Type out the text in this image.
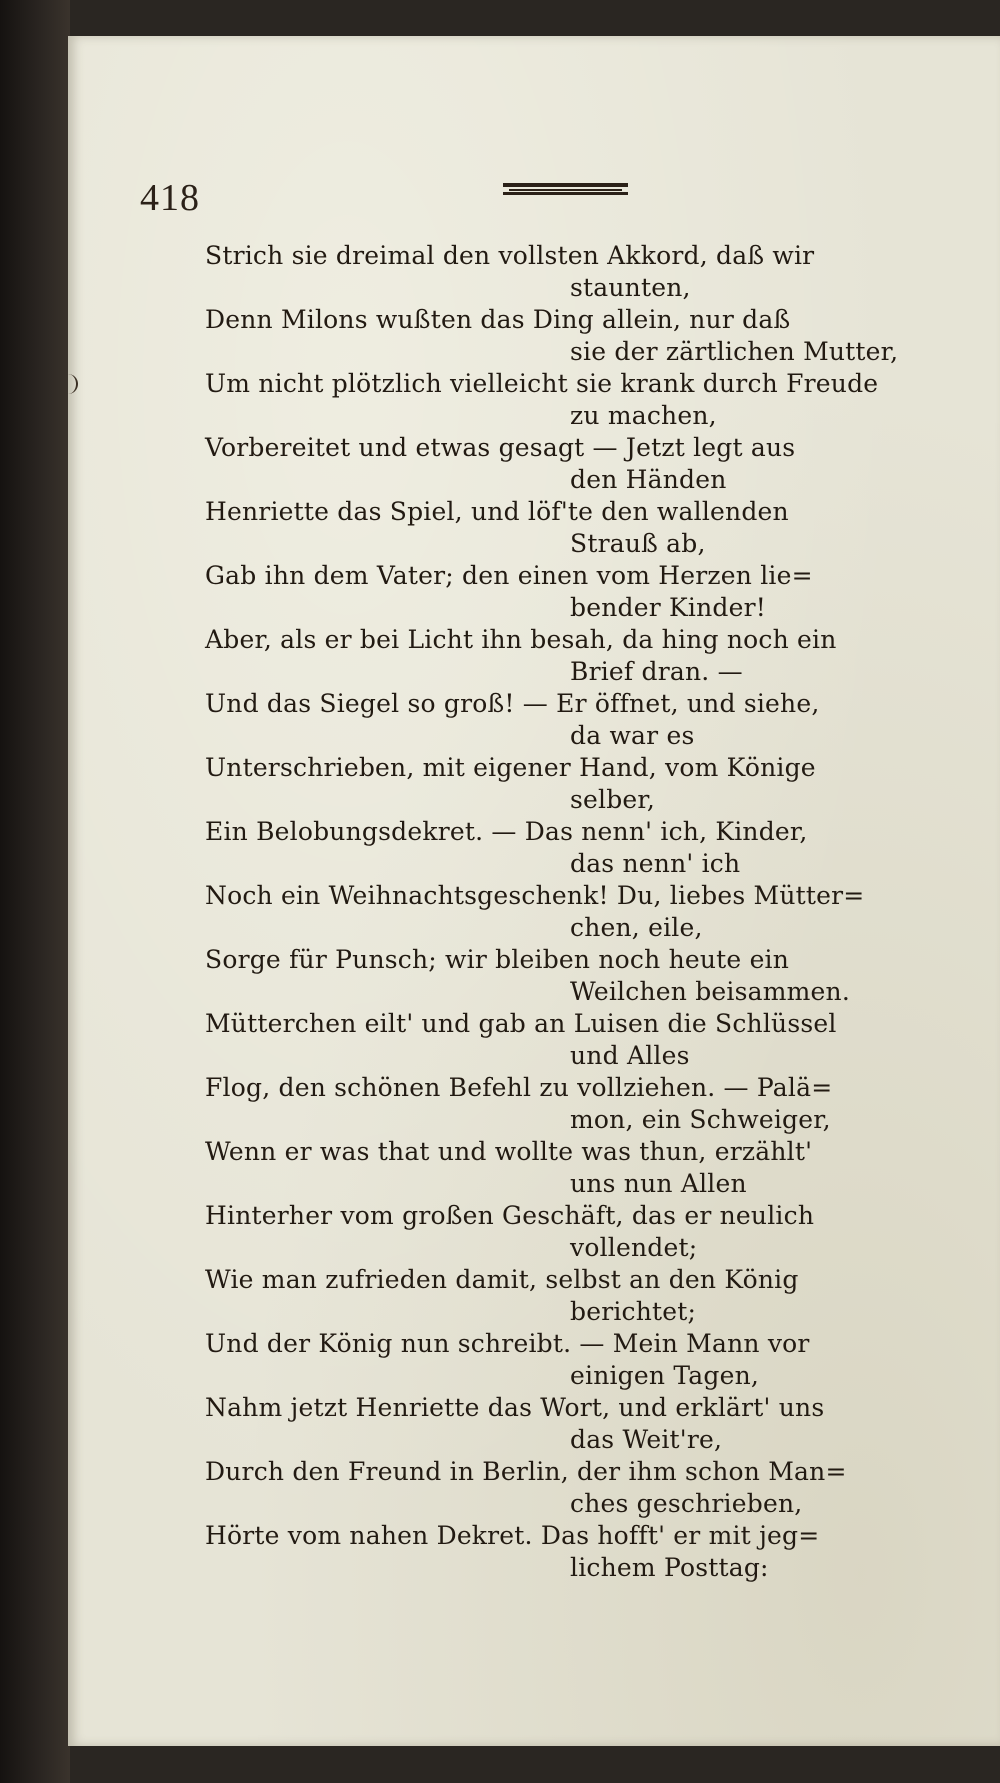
418
Strich sie dreimal den vollsten Akkord, daß wir
staunten,
Denn Milons wußten das Ding allein, nur daß
sie der zärtlichen Mutter,
Um nicht plötzlich vielleicht sie krank durch Freude
zu machen,
Vorbereitet und etwas gesagt — Jetzt legt aus
den Händen
Henriette das Spiel, und löf'te den wallenden
Strauß ab,
Gab ihn dem Vater; den einen vom Herzen lie=
bender Kinder!
Aber, als er bei Licht ihn besah, da hing noch ein
Brief dran. —
Und das Siegel so groß! — Er öffnet, und siehe,
da war es
Unterschrieben, mit eigener Hand, vom Könige
selber,
Ein Belobungsdekret. — Das nenn' ich, Kinder,
das nenn' ich
Noch ein Weihnachtsgeschenk! Du, liebes Mütter=
chen, eile,
Sorge für Punsch; wir bleiben noch heute ein
Weilchen beisammen.
Mütterchen eilt' und gab an Luisen die Schlüssel
und Alles
Flog, den schönen Befehl zu vollziehen. — Palä=
mon, ein Schweiger,
Wenn er was that und wollte was thun, erzählt'
uns nun Allen
Hinterher vom großen Geschäft, das er neulich
vollendet;
Wie man zufrieden damit, selbst an den König
berichtet;
Und der König nun schreibt. — Mein Mann vor
einigen Tagen,
Nahm jetzt Henriette das Wort, und erklärt' uns
das Weit're,
Durch den Freund in Berlin, der ihm schon Man=
ches geschrieben,
Hörte vom nahen Dekret. Das hofft' er mit jeg=
lichem Posttag:
